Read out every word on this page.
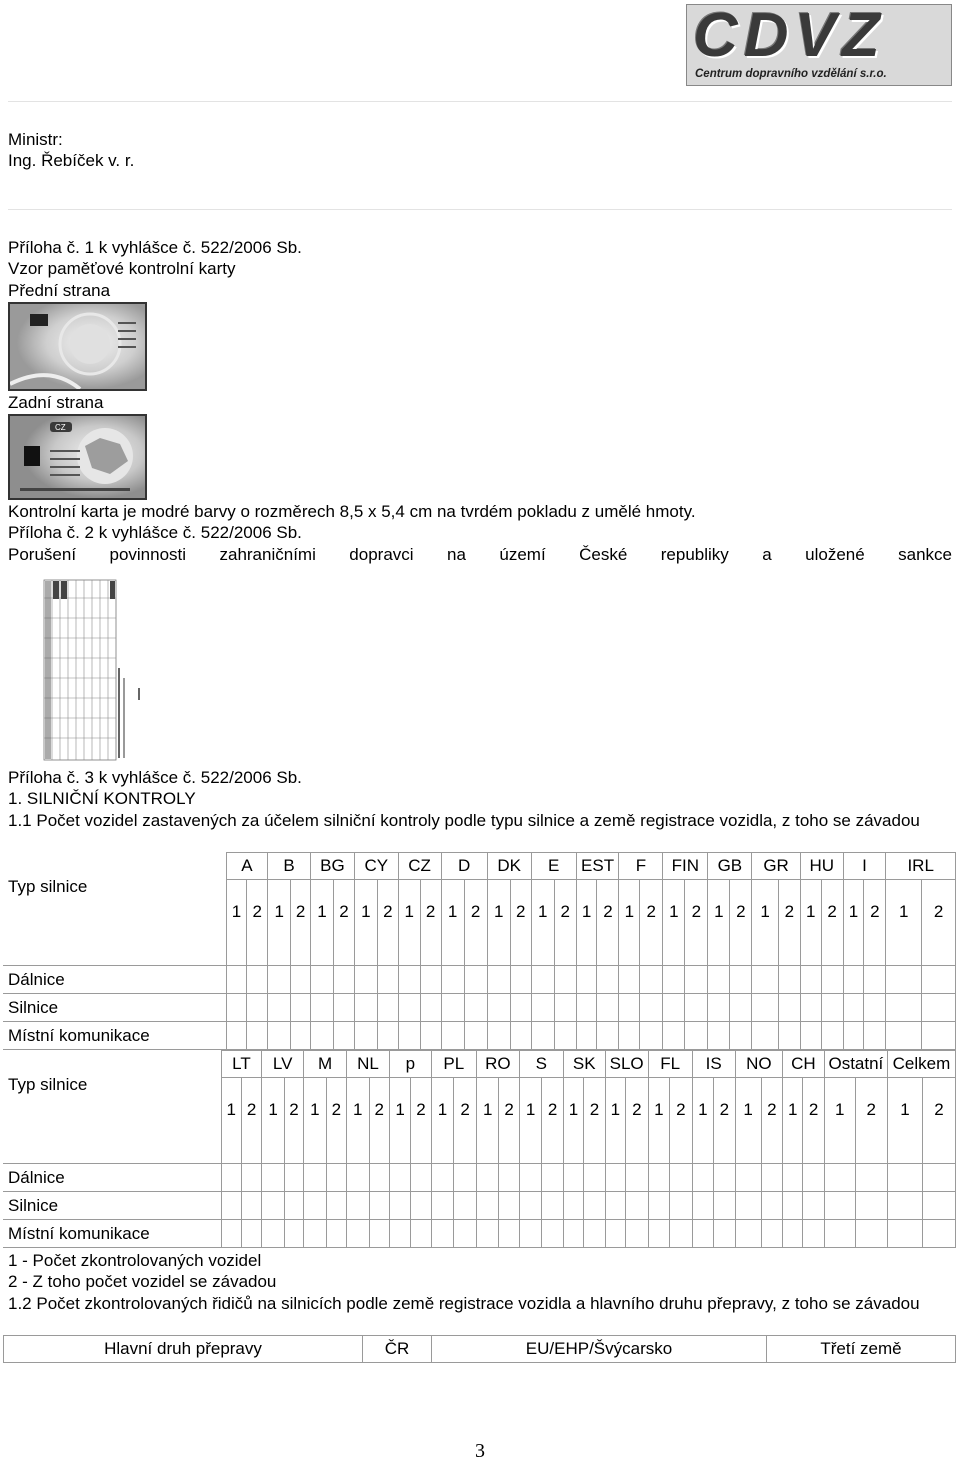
CDVZ
Centrum dopravního vzdělání s.r.o.
Ministr:
Ing. Řebíček v. r.
Příloha č. 1 k vyhlášce č. 522/2006 Sb.
Vzor paměťové kontrolní karty
Přední strana
Zadní strana
CZ
Kontrolní karta je modré barvy o rozměrech 8,5 x 5,4 cm na tvrdém pokladu z umělé hmoty.
Příloha č. 2 k vyhlášce č. 522/2006 Sb.
Porušení povinnosti zahraničními dopravci na území České republiky a uložené sankce
Příloha č. 3 k vyhlášce č. 522/2006 Sb.
1. SILNIČNÍ KONTROLY
1.1 Počet vozidel zastavených za účelem silniční kontroly podle typu silnice a země registrace vozidla, z toho se závadou
Typ silnice	A		B		BG		CY		CZ		D		DK		E		EST		F		FIN		GB		GR		HU		I		IRL	
	1	2	1	2	1	2	1	2	1	2	1	2	1	2	1	2	1	2	1	2	1	2	1	2	1	2	1	2	1	2	1	2
Dálnice																																
Silnice																																
Místní komunikace																																
Typ silnice	LT		LV		M		NL		p		PL		RO		S		SK		SLO		FL		IS		NO		CH		Ostatní		Celkem	
	1	2	1	2	1	2	1	2	1	2	1	2	1	2	1	2	1	2	1	2	1	2	1	2	1	2	1	2	1	2	1	2
Dálnice																																
Silnice																																
Místní komunikace																																
1 - Počet zkontrolovaných vozidel
2 - Z toho počet vozidel se závadou
1.2 Počet zkontrolovaných řidičů na silnicích podle země registrace vozidla a hlavního druhu přepravy, z toho se závadou
Hlavní druh přepravy	ČR	EU/EHP/Švýcarsko	Třetí země
3
